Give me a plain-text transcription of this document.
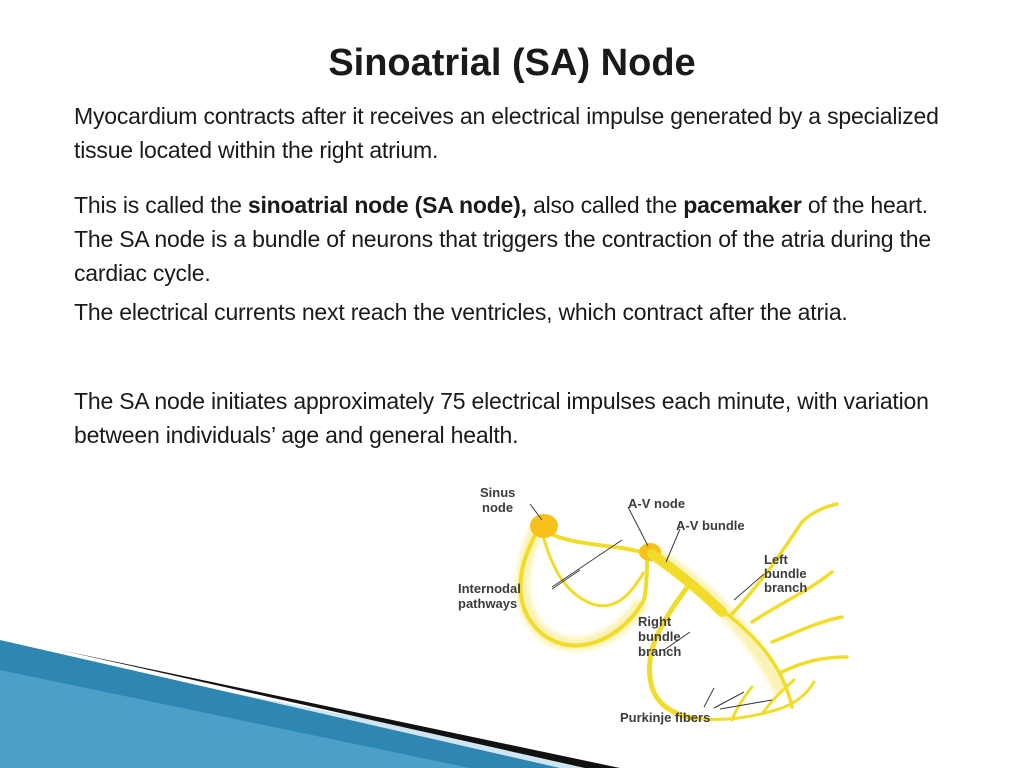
Sinoatrial (SA) Node
Myocardium contracts after it receives an electrical impulse generated by a specialized tissue located within the right atrium.
This is called the sinoatrial node (SA node), also called the pacemaker of the heart. The SA node is a bundle of neurons that triggers the contraction of the atria during the cardiac cycle.
The electrical currents next reach the ventricles, which contract after the atria.
The SA node initiates approximately 75 electrical impulses each minute, with variation between individuals’ age and general health.
Sinus
node	A-V node
A-V bundle
Left
bundle
branch
Internodal
pathways
Right
bundle
branch
Purkinje fibers
